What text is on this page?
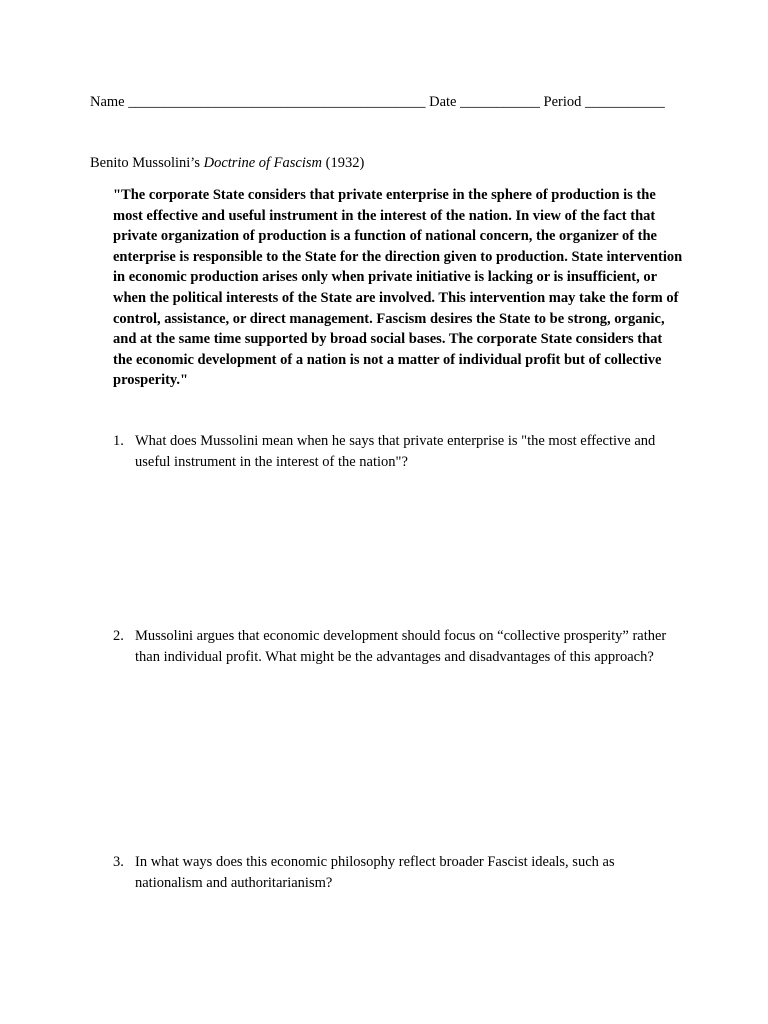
Name _________________________________________ Date ___________ Period ___________
Benito Mussolini’s Doctrine of Fascism (1932)

"The corporate State considers that private enterprise in the sphere of production is the most effective and useful instrument in the interest of the nation. In view of the fact that private organization of production is a function of national concern, the organizer of the enterprise is responsible to the State for the direction given to production. State intervention in economic production arises only when private initiative is lacking or is insufficient, or when the political interests of the State are involved. This intervention may take the form of control, assistance, or direct management. Fascism desires the State to be strong, organic, and at the same time supported by broad social bases. The corporate State considers that the economic development of a nation is not a matter of individual profit but of collective prosperity."

1. What does Mussolini mean when he says that private enterprise is "the most effective and useful instrument in the interest of the nation"?
2. Mussolini argues that economic development should focus on “collective prosperity” rather than individual profit. What might be the advantages and disadvantages of this approach?
3. In what ways does this economic philosophy reflect broader Fascist ideals, such as nationalism and authoritarianism?
